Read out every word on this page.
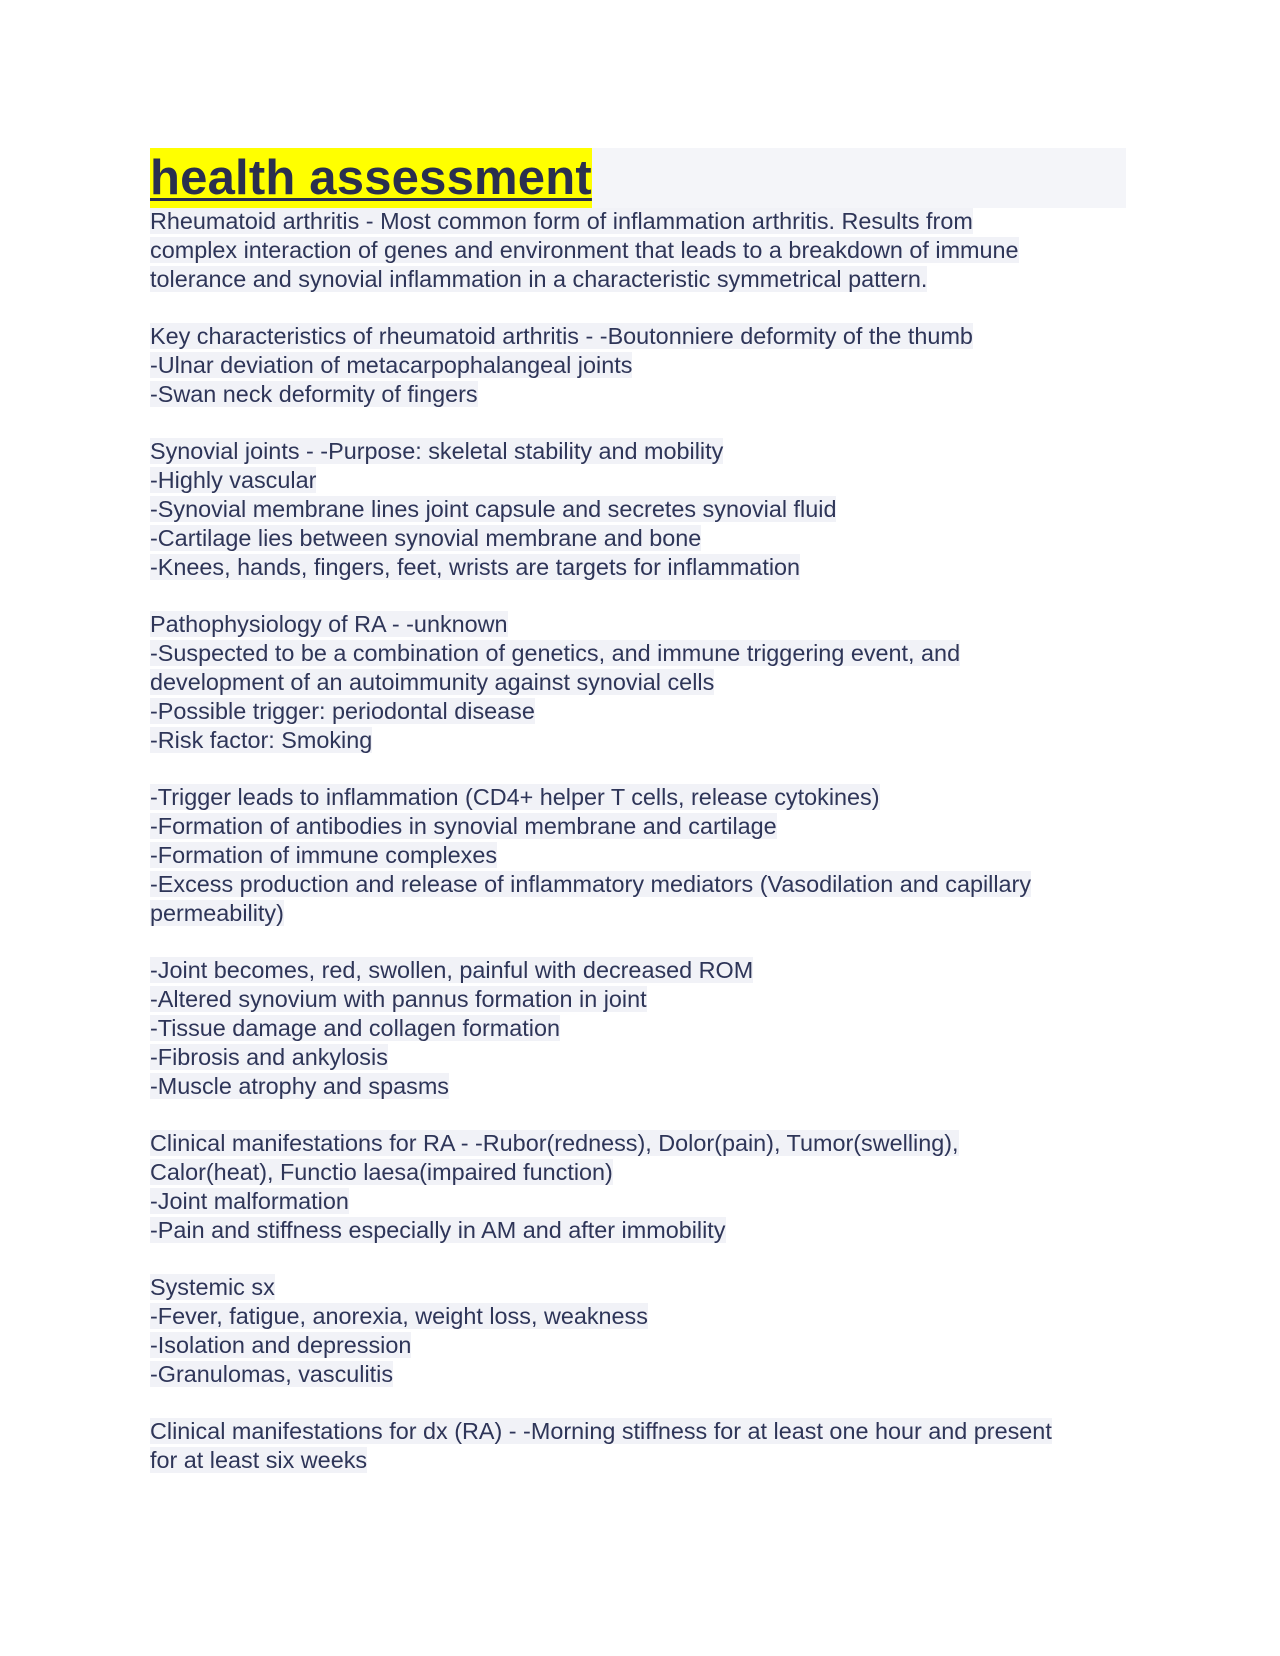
health assessment
Rheumatoid arthritis - Most common form of inflammation arthritis. Results from
complex interaction of genes and environment that leads to a breakdown of immune
tolerance and synovial inflammation in a characteristic symmetrical pattern.
Key characteristics of rheumatoid arthritis - -Boutonniere deformity of the thumb
-Ulnar deviation of metacarpophalangeal joints
-Swan neck deformity of fingers
Synovial joints - -Purpose: skeletal stability and mobility
-Highly vascular
-Synovial membrane lines joint capsule and secretes synovial fluid
-Cartilage lies between synovial membrane and bone
-Knees, hands, fingers, feet, wrists are targets for inflammation
Pathophysiology of RA - -unknown
-Suspected to be a combination of genetics, and immune triggering event, and
development of an autoimmunity against synovial cells
-Possible trigger: periodontal disease
-Risk factor: Smoking
-Trigger leads to inflammation (CD4+ helper T cells, release cytokines)
-Formation of antibodies in synovial membrane and cartilage
-Formation of immune complexes
-Excess production and release of inflammatory mediators (Vasodilation and capillary
permeability)
-Joint becomes, red, swollen, painful with decreased ROM
-Altered synovium with pannus formation in joint
-Tissue damage and collagen formation
-Fibrosis and ankylosis
-Muscle atrophy and spasms
Clinical manifestations for RA - -Rubor(redness), Dolor(pain), Tumor(swelling),
Calor(heat), Functio laesa(impaired function)
-Joint malformation
-Pain and stiffness especially in AM and after immobility
Systemic sx
-Fever, fatigue, anorexia, weight loss, weakness
-Isolation and depression
-Granulomas, vasculitis
Clinical manifestations for dx (RA) - -Morning stiffness for at least one hour and present
for at least six weeks
